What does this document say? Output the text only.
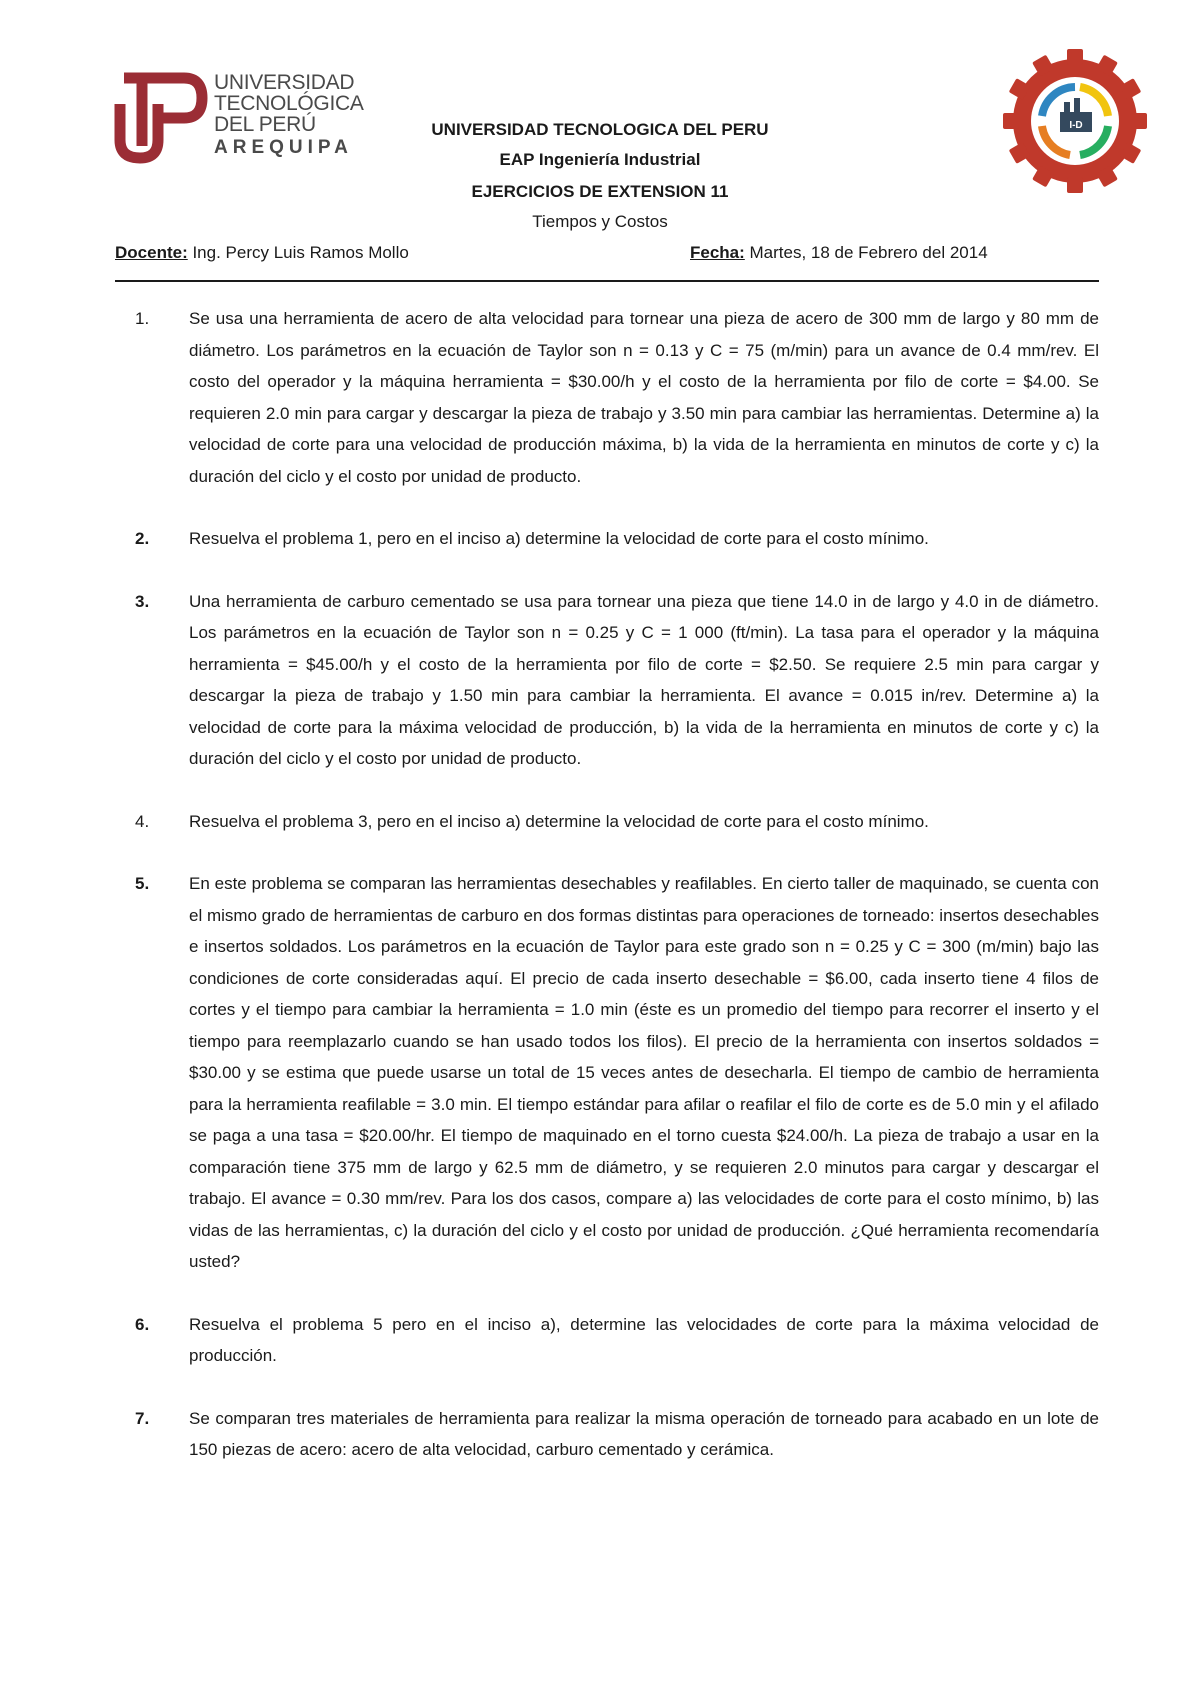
UNIVERSIDAD
TECNOLÓGICA
DEL PERÚ
AREQUIPA
I-D
UNIVERSIDAD TECNOLOGICA DEL PERU
EAP Ingeniería Industrial
EJERCICIOS DE EXTENSION 11
Tiempos y Costos
Docente: Ing. Percy Luis Ramos Mollo	Fecha: Martes, 18 de Febrero del 2014
1. Se usa una herramienta de acero de alta velocidad para tornear una pieza de acero de 300 mm de largo y 80 mm de diámetro. Los parámetros en la ecuación de Taylor son n = 0.13 y C = 75 (m/min) para un avance de 0.4 mm/rev. El costo del operador y la máquina herramienta = $30.00/h y el costo de la herramienta por filo de corte = $4.00. Se requieren 2.0 min para cargar y descargar la pieza de trabajo y 3.50 min para cambiar las herramientas. Determine a) la velocidad de corte para una velocidad de producción máxima, b) la vida de la herramienta en minutos de corte y c) la duración del ciclo y el costo por unidad de producto.
2. Resuelva el problema 1, pero en el inciso a) determine la velocidad de corte para el costo mínimo.
3. Una herramienta de carburo cementado se usa para tornear una pieza que tiene 14.0 in de largo y 4.0 in de diámetro. Los parámetros en la ecuación de Taylor son n = 0.25 y C = 1 000 (ft/min). La tasa para el operador y la máquina herramienta = $45.00/h y el costo de la herramienta por filo de corte = $2.50. Se requiere 2.5 min para cargar y descargar la pieza de trabajo y 1.50 min para cambiar la herramienta. El avance = 0.015 in/rev. Determine a) la velocidad de corte para la máxima velocidad de producción, b) la vida de la herramienta en minutos de corte y c) la duración del ciclo y el costo por unidad de producto.
4. Resuelva el problema 3, pero en el inciso a) determine la velocidad de corte para el costo mínimo.
5. En este problema se comparan las herramientas desechables y reafilables. En cierto taller de maquinado, se cuenta con el mismo grado de herramientas de carburo en dos formas distintas para operaciones de torneado: insertos desechables e insertos soldados. Los parámetros en la ecuación de Taylor para este grado son n = 0.25 y C = 300 (m/min) bajo las condiciones de corte consideradas aquí. El precio de cada inserto desechable = $6.00, cada inserto tiene 4 filos de cortes y el tiempo para cambiar la herramienta = 1.0 min (éste es un promedio del tiempo para recorrer el inserto y el tiempo para reemplazarlo cuando se han usado todos los filos). El precio de la herramienta con insertos soldados = $30.00 y se estima que puede usarse un total de 15 veces antes de desecharla. El tiempo de cambio de herramienta para la herramienta reafilable = 3.0 min. El tiempo estándar para afilar o reafilar el filo de corte es de 5.0 min y el afilado se paga a una tasa = $20.00/hr. El tiempo de maquinado en el torno cuesta $24.00/h. La pieza de trabajo a usar en la comparación tiene 375 mm de largo y 62.5 mm de diámetro, y se requieren 2.0 minutos para cargar y descargar el trabajo. El avance = 0.30 mm/rev. Para los dos casos, compare a) las velocidades de corte para el costo mínimo, b) las vidas de las herramientas, c) la duración del ciclo y el costo por unidad de producción. ¿Qué herramienta recomendaría usted?
6. Resuelva el problema 5 pero en el inciso a), determine las velocidades de corte para la máxima velocidad de producción.
7. Se comparan tres materiales de herramienta para realizar la misma operación de torneado para acabado en un lote de 150 piezas de acero: acero de alta velocidad, carburo cementado y cerámica.
